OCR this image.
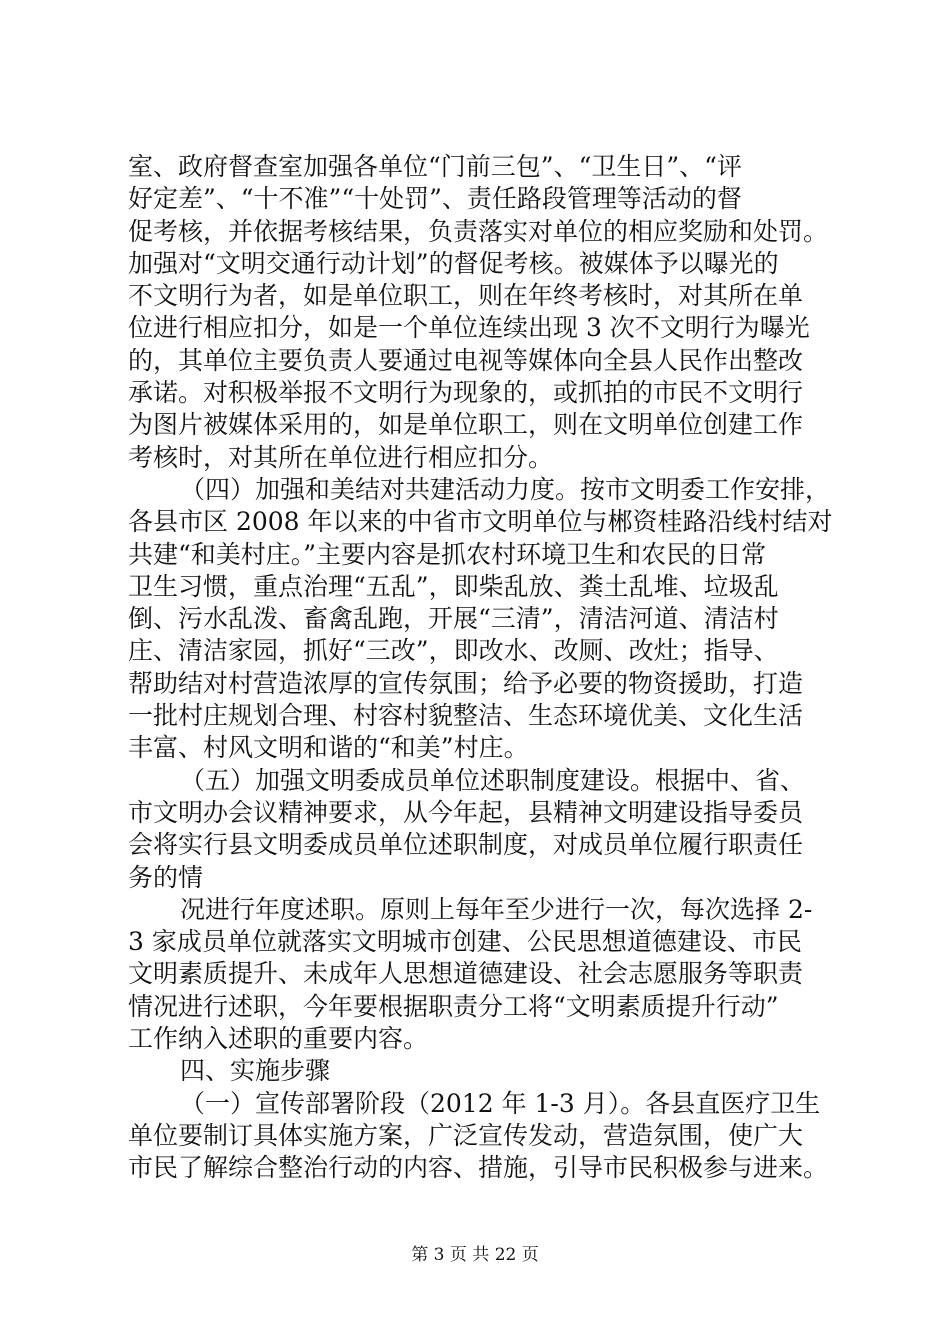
室、政府督查室加强各单位“门前三包”、“卫生日”、“评
好定差”、“十不准”“十处罚”、责任路段管理等活动的督
促考核，并依据考核结果，负责落实对单位的相应奖励和处罚。
加强对“文明交通行动计划”的督促考核。被媒体予以曝光的
不文明行为者，如是单位职工，则在年终考核时，对其所在单
位进行相应扣分，如是一个单位连续出现 3 次不文明行为曝光
的，其单位主要负责人要通过电视等媒体向全县人民作出整改
承诺。对积极举报不文明行为现象的，或抓拍的市民不文明行
为图片被媒体采用的，如是单位职工，则在文明单位创建工作
考核时，对其所在单位进行相应扣分。
（四）加强和美结对共建活动力度。按市文明委工作安排，
各县市区 2008 年以来的中省市文明单位与郴资桂路沿线村结对
共建“和美村庄。”主要内容是抓农村环境卫生和农民的日常
卫生习惯，重点治理“五乱”，即柴乱放、粪土乱堆、垃圾乱
倒、污水乱泼、畜禽乱跑，开展“三清”，清洁河道、清洁村
庄、清洁家园，抓好“三改”，即改水、改厕、改灶；指导、
帮助结对村营造浓厚的宣传氛围；给予必要的物资援助，打造
一批村庄规划合理、村容村貌整洁、生态环境优美、文化生活
丰富、村风文明和谐的“和美”村庄。
（五）加强文明委成员单位述职制度建设。根据中、省、
市文明办会议精神要求，从今年起，县精神文明建设指导委员
会将实行县文明委成员单位述职制度，对成员单位履行职责任
务的情
况进行年度述职。原则上每年至少进行一次，每次选择 2-
3 家成员单位就落实文明城市创建、公民思想道德建设、市民
文明素质提升、未成年人思想道德建设、社会志愿服务等职责
情况进行述职，今年要根据职责分工将“文明素质提升行动”
工作纳入述职的重要内容。
四、实施步骤
（一）宣传部署阶段（2012 年 1-3 月）。各县直医疗卫生
单位要制订具体实施方案，广泛宣传发动，营造氛围，使广大
市民了解综合整治行动的内容、措施，引导市民积极参与进来。
第 3 页 共 22 页
